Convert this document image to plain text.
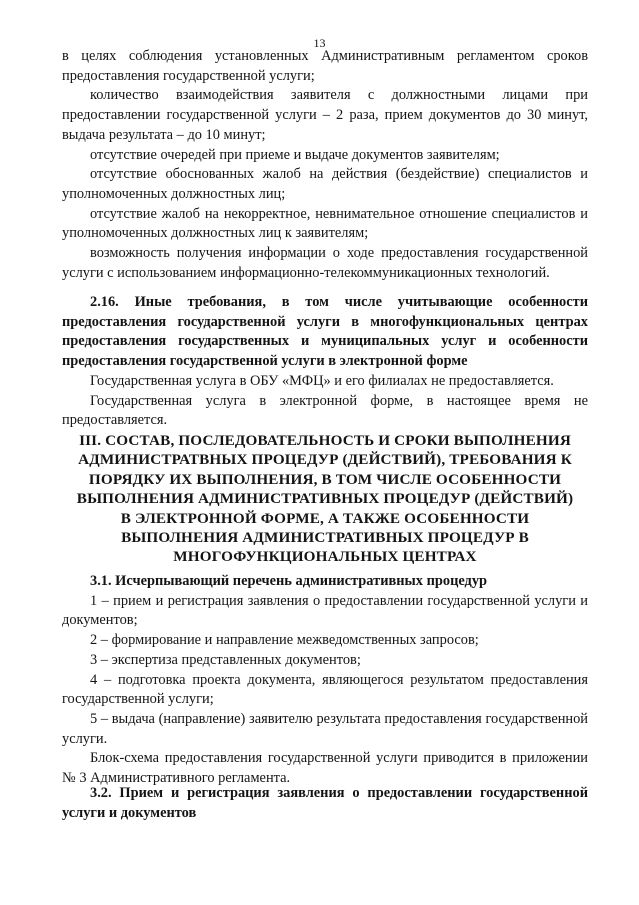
13

в целях соблюдения установленных Административным регламентом сроков предоставления государственной услуги;

количество взаимодействия заявителя с должностными лицами при предоставлении государственной услуги – 2 раза, прием документов до 30 минут, выдача результата – до 10 минут;

отсутствие очередей при приеме и выдаче документов заявителям;

отсутствие обоснованных жалоб на действия (бездействие) специалистов и уполномоченных должностных лиц;

отсутствие жалоб на некорректное, невнимательное отношение специалистов и уполномоченных должностных лиц к заявителям;

возможность получения информации о ходе предоставления государственной услуги с использованием информационно-телекоммуникационных технологий.

2.16. Иные требования, в том числе учитывающие особенности предоставления государственной услуги в многофункциональных центрах предоставления государственных и муниципальных услуг и особенности предоставления государственной услуги в электронной форме

Государственная услуга в ОБУ «МФЦ» и его филиалах не предоставляется.

Государственная услуга в электронной форме, в настоящее время не предоставляется.

III. СОСТАВ, ПОСЛЕДОВАТЕЛЬНОСТЬ И СРОКИ ВЫПОЛНЕНИЯ АДМИНИСТРАТВНЫХ ПРОЦЕДУР (ДЕЙСТВИЙ), ТРЕБОВАНИЯ К ПОРЯДКУ ИХ ВЫПОЛНЕНИЯ, В ТОМ ЧИСЛЕ ОСОБЕННОСТИ ВЫПОЛНЕНИЯ АДМИНИСТРАТИВНЫХ ПРОЦЕДУР (ДЕЙСТВИЙ) В ЭЛЕКТРОННОЙ ФОРМЕ, А ТАКЖЕ ОСОБЕННОСТИ ВЫПОЛНЕНИЯ АДМИНИСТРАТИВНЫХ ПРОЦЕДУР В МНОГОФУНКЦИОНАЛЬНЫХ ЦЕНТРАХ

3.1. Исчерпывающий перечень административных процедур

1 – прием и регистрация заявления о предоставлении государственной услуги и документов;

2 – формирование и направление межведомственных запросов;

3 – экспертиза представленных документов;

4 – подготовка проекта документа, являющегося результатом предоставления государственной услуги;

5 – выдача (направление) заявителю результата предоставления государственной услуги.

Блок-схема предоставления государственной услуги приводится в приложении № 3 Административного регламента.

3.2. Прием и регистрация заявления о предоставлении государственной услуги и документов
